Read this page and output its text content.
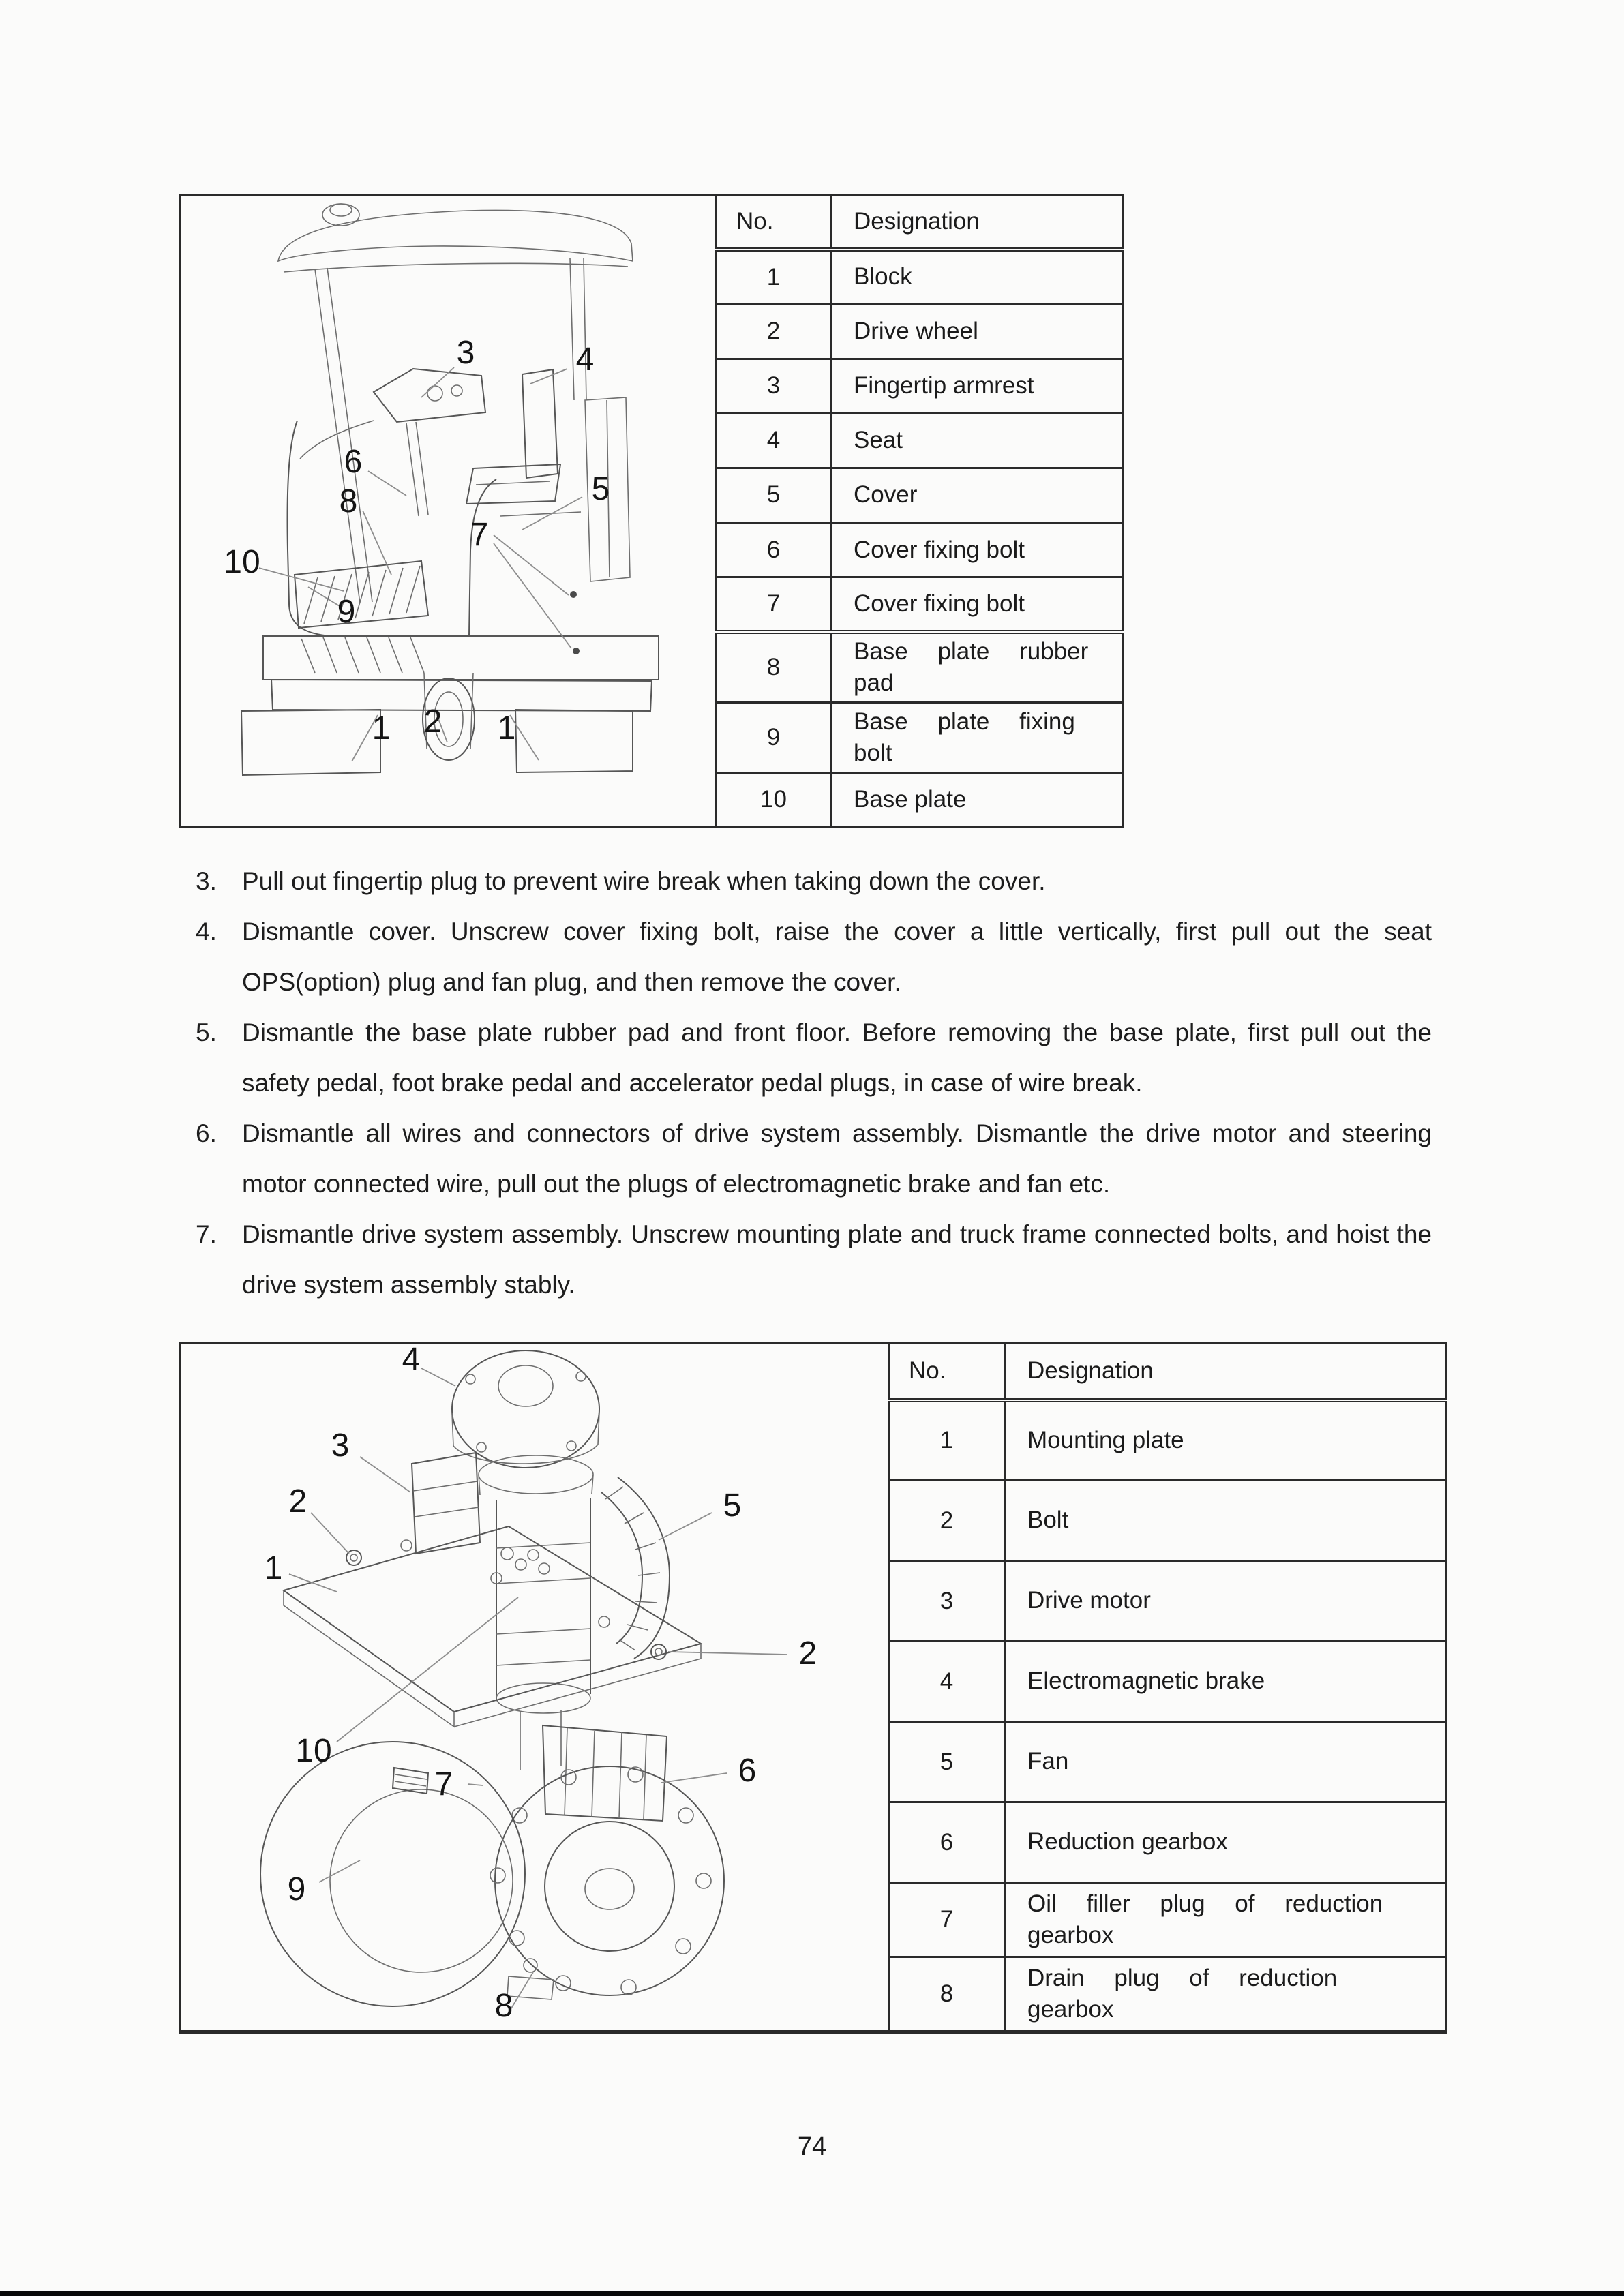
3	4
6
8	5
7
10
9
1 2 1
No.	Designation
1	Block
2	Drive wheel
3	Fingertip armrest
4	Seat
5	Cover
6	Cover fixing bolt
7	Cover fixing bolt
8	Base plate rubber pad
9	Base plate fixing bolt
10	Base plate
3.	Pull out fingertip plug to prevent wire break when taking down the cover.

4.	Dismantle cover. Unscrew cover fixing bolt, raise the cover a little vertically, first pull out the seat OPS(option) plug and fan plug, and then remove the cover.

5.	Dismantle the base plate rubber pad and front floor. Before removing the base plate, first pull out the safety pedal, foot brake pedal and accelerator pedal plugs, in case of wire break.

6.	Dismantle all wires and connectors of drive system assembly. Dismantle the drive motor and steering motor connected wire, pull out the plugs of electromagnetic brake and fan etc.

7.	Dismantle drive system assembly. Unscrew mounting plate and truck frame connected bolts, and hoist the drive system assembly stably.

4
3
2
1
5
2
10
7	6
9
8
No.	Designation
1	Mounting plate
2	Bolt
3	Drive motor
4	Electromagnetic brake
5	Fan
6	Reduction gearbox
7	Oil filler plug of reduction gearbox
8	Drain plug of reduction gearbox
74
